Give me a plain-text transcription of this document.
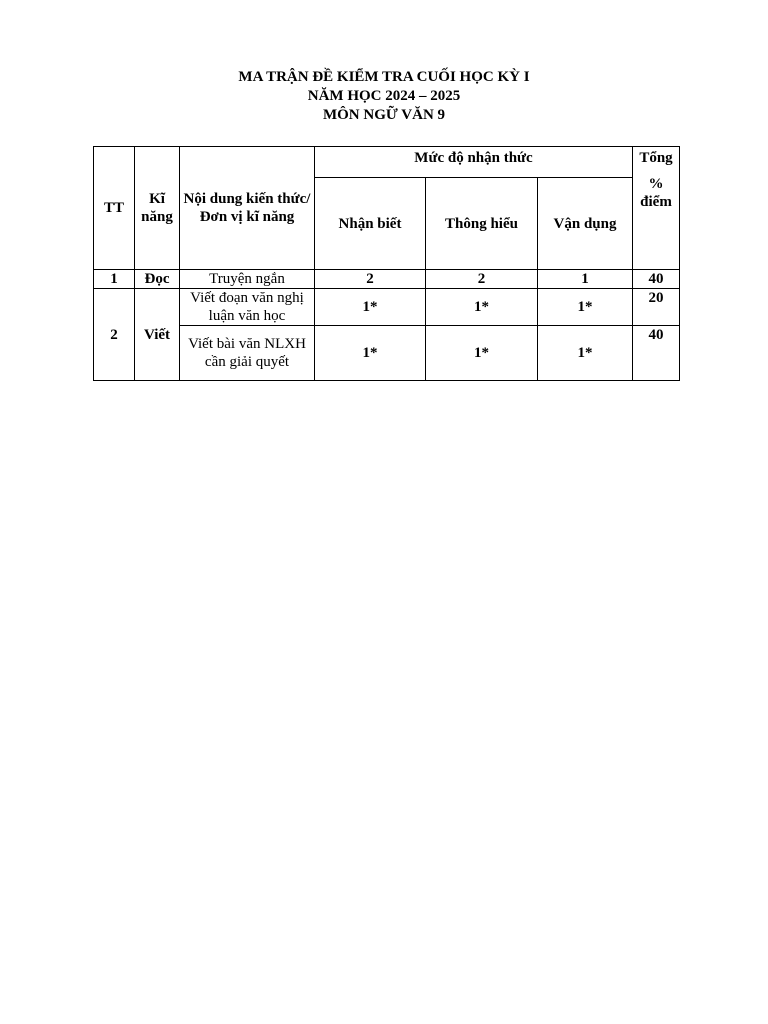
MA TRẬN ĐỀ KIỂM TRA CUỐI HỌC KỲ I
NĂM HỌC 2024 – 2025
MÔN NGỮ VĂN 9
TT	Kĩ năng	Nội dung kiến thức/Đơn vị kĩ năng	Mức độ nhận thức			Tổng
% điểm
			Nhận biết	Thông hiểu	Vận dụng	
1	Đọc	Truyện ngắn	2	2	1	40
2	Viết	Viết đoạn văn nghị luận văn học	1*	1*	1*	20
		Viết bài văn NLXH cần giải quyết	1*	1*	1*	40
